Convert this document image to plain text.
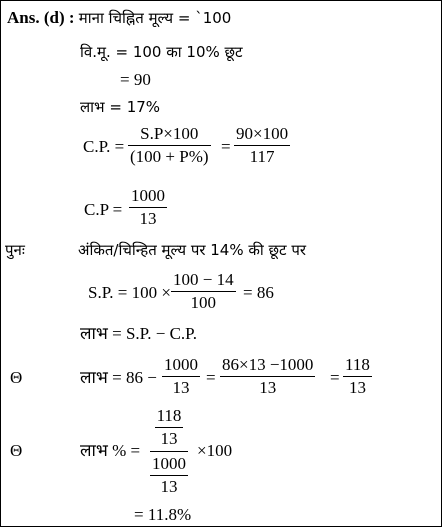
Ans. (d) : माना चिह्नित मूल्य = `100
वि.मू. = 100 का 10% छूट
= 90
लाभ = 17%
C.P. =
S.P×100
(100 + P%)
=
90×100
117
C.P =
1000
13
पुनः	अंकित/चिन्हित मूल्य पर 14% की छूट पर
S.P. = 100 ×
100 − 14
100
= 86
लाभ = S.P. − C.P.
Θ	लाभ = 86 −
1000
13
=
86×13 −1000
13
=
118
13
Θ	लाभ % =
$\frac{118}{13}$
$\frac{1000}{13}$
×100
= 11.8%
